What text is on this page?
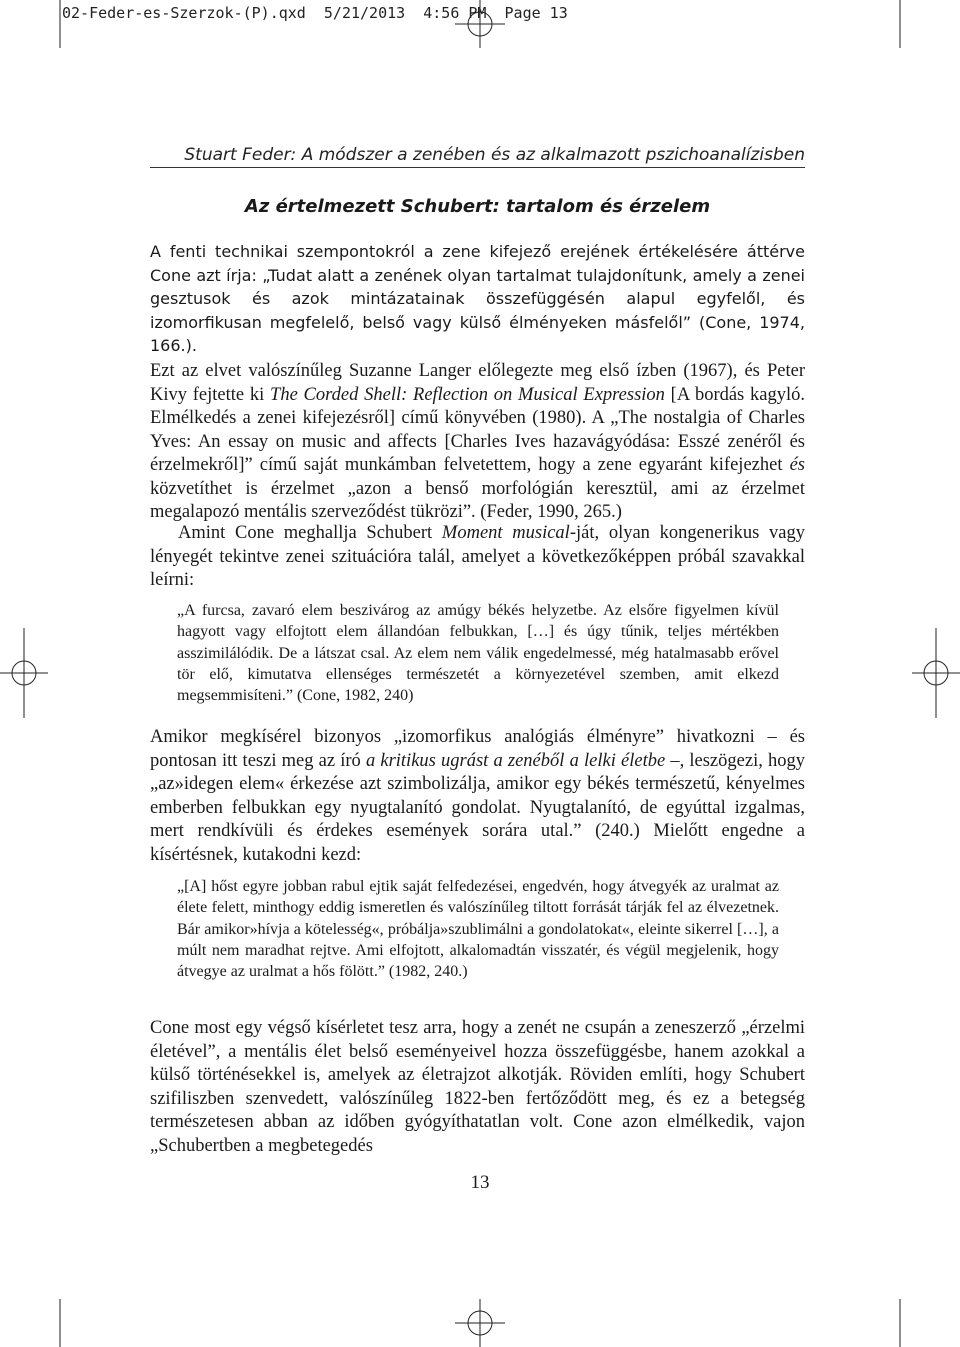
02-Feder-es-Szerzok-(P).qxd 5/21/2013 4:56 PM Page 13
Stuart Feder: A módszer a zenében és az alkalmazott pszichoanalízisben
Az értelmezett Schubert: tartalom és érzelem

A fenti technikai szempontokról a zene kifejező erejének értékelésére áttérve Cone azt írja: „Tudat alatt a zenének olyan tartalmat tulajdonítunk, amely a zenei gesztusok és azok mintázatainak összefüggésén alapul egyfelől, és izomorfikusan megfelelő, belső vagy külső élményeken másfelől” (Cone, 1974, 166.).

Ezt az elvet valószínűleg Suzanne Langer előlegezte meg első ízben (1967), és Peter Kivy fejtette ki The Corded Shell: Reflection on Musical Expression [A bordás kagyló. Elmélkedés a zenei kifejezésről] című könyvében (1980). A „The nostalgia of Charles Yves: An essay on music and affects [Charles Ives hazavágyódása: Esszé zenéről és érzelmekről]” című saját munkámban felvetettem, hogy a zene egyaránt kifejezhet és közvetíthet is érzelmet „azon a benső morfológián keresztül, ami az érzelmet megalapozó mentális szerveződést tükrözi”. (Feder, 1990, 265.)

Amint Cone meghallja Schubert Moment musical-ját, olyan kongenerikus vagy lényegét tekintve zenei szituációra talál, amelyet a következőképpen próbál szavakkal leírni:

„A furcsa, zavaró elem beszivárog az amúgy békés helyzetbe. Az elsőre figyelmen kívül hagyott vagy elfojtott elem állandóan felbukkan, […] és úgy tűnik, teljes mértékben asszimilálódik. De a látszat csal. Az elem nem válik engedelmessé, még hatalmasabb erővel tör elő, kimutatva ellenséges természetét a környezetével szemben, amit elkezd megsemmisíteni.” (Cone, 1982, 240)

Amikor megkísérel bizonyos „izomorfikus analógiás élményre” hivatkozni – és pontosan itt teszi meg az író a kritikus ugrást a zenéből a lelki életbe –, leszögezi, hogy „az»idegen elem« érkezése azt szimbolizálja, amikor egy békés természetű, kényelmes emberben felbukkan egy nyugtalanító gondolat. Nyugtalanító, de egyúttal izgalmas, mert rendkívüli és érdekes események sorára utal.” (240.) Mielőtt engedne a kísértésnek, kutakodni kezd:

„[A] hőst egyre jobban rabul ejtik saját felfedezései, engedvén, hogy átvegyék az uralmat az élete felett, minthogy eddig ismeretlen és valószínűleg tiltott forrását tárják fel az élvezetnek. Bár amikor»hívja a kötelesség«, próbálja»szublimálni a gondolatokat«, eleinte sikerrel […], a múlt nem maradhat rejtve. Ami elfojtott, alkalomadtán visszatér, és végül megjelenik, hogy átvegye az uralmat a hős fölött.” (1982, 240.)

Cone most egy végső kísérletet tesz arra, hogy a zenét ne csupán a zeneszerző „érzelmi életével”, a mentális élet belső eseményeivel hozza összefüggésbe, hanem azokkal a külső történésekkel is, amelyek az életrajzot alkotják. Röviden említi, hogy Schubert szifiliszben szenvedett, valószínűleg 1822-ben fertőződött meg, és ez a betegség természetesen abban az időben gyógyíthatatlan volt. Cone azon elmélkedik, vajon „Schubertben a megbetegedés

13
